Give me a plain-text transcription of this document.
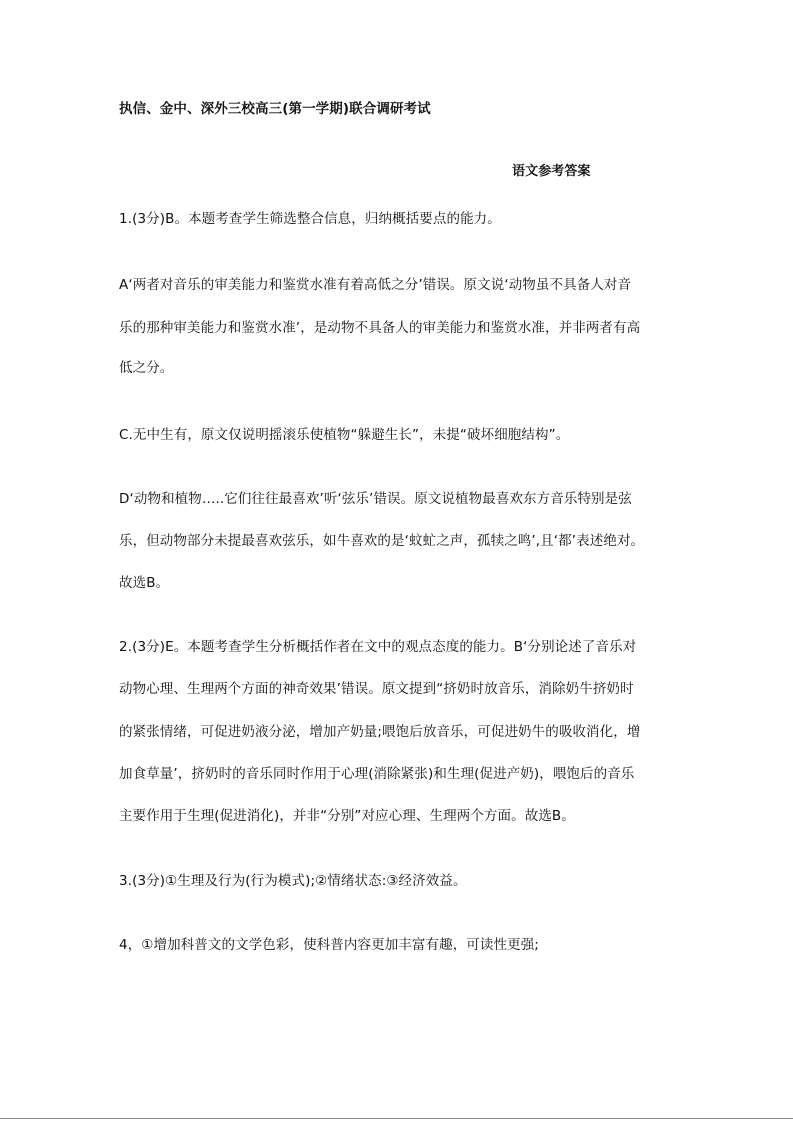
执信、金中、深外三校高三(第一学期)联合调研考试
语文参考答案
1.(3分)B。本题考查学生筛选整合信息，归纳概括要点的能力。
A‘两者对音乐的审美能力和鉴赏水准有着高低之分’错误。原文说‘动物虽不具备人对音
乐的那种审美能力和鉴赏水准’，是动物不具备人的审美能力和鉴赏水准，并非两者有高
低之分。
C.无中生有，原文仅说明摇滚乐使植物“躲避生长”，未提“破坏细胞结构”。
D‘动物和植物…..它们往往最喜欢’听‘弦乐’错误。原文说植物最喜欢东方音乐特别是弦
乐，但动物部分未提最喜欢弦乐，如牛喜欢的是‘蚊虻之声，孤犊之鸣’,且‘都’表述绝对。
故选B。
2.(3分)E。本题考查学生分析概括作者在文中的观点态度的能力。B‘分别论述了音乐对
动物心理、生理两个方面的神奇效果’错误。原文提到“挤奶时放音乐，消除奶牛挤奶时
的紧张情绪，可促进奶液分泌，增加产奶量;喂饱后放音乐，可促进奶牛的吸收消化，增
加食草量’，挤奶时的音乐同时作用于心理(消除紧张)和生理(促进产奶)，喂饱后的音乐
主要作用于生理(促进消化)，并非“分别”对应心理、生理两个方面。故选B。
3.(3分)①生理及行为(行为模式);②情绪状态:③经济效益。
4，①增加科普文的文学色彩，使科普内容更加丰富有趣，可读性更强;
